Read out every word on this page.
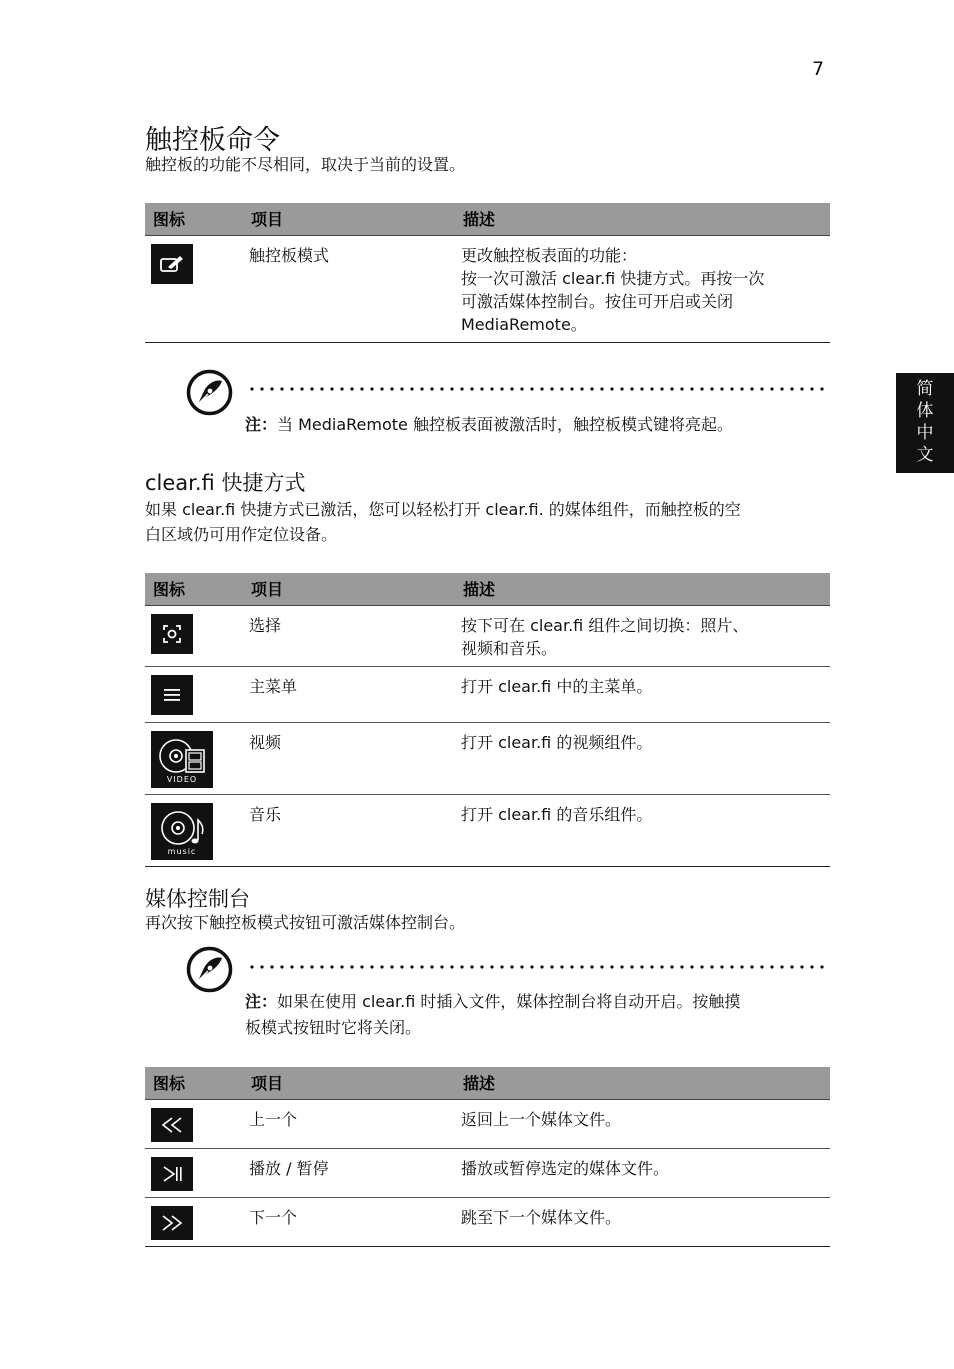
7
简
体
中
文
触控板命令
触控板的功能不尽相同，取决于当前的设置。
图标	项目	描述

	触控板模式	更改触控板表面的功能：
按一次可激活 clear.fi 快捷方式。再按一次
可激活媒体控制台。按住可开启或关闭
MediaRemote。
注：当 MediaRemote 触控板表面被激活时，触控板模式键将亮起。
clear.fi 快捷方式
如果 clear.fi 快捷方式已激活，您可以轻松打开 clear.fi. 的媒体组件，而触控板的空
白区域仍可用作定位设备。
图标	项目	描述

	选择	按下可在 clear.fi 组件之间切换：照片、
视频和音乐。

	主菜单	打开 clear.fi 中的主菜单。

VIDEO	视频	打开 clear.fi 的视频组件。

music	音乐	打开 clear.fi 的音乐组件。
媒体控制台
再次按下触控板模式按钮可激活媒体控制台。
注：如果在使用 clear.fi 时插入文件，媒体控制台将自动开启。按触摸
板模式按钮时它将关闭。
图标	项目	描述

	上一个	返回上一个媒体文件。

	播放 / 暂停	播放或暂停选定的媒体文件。

	下一个	跳至下一个媒体文件。
